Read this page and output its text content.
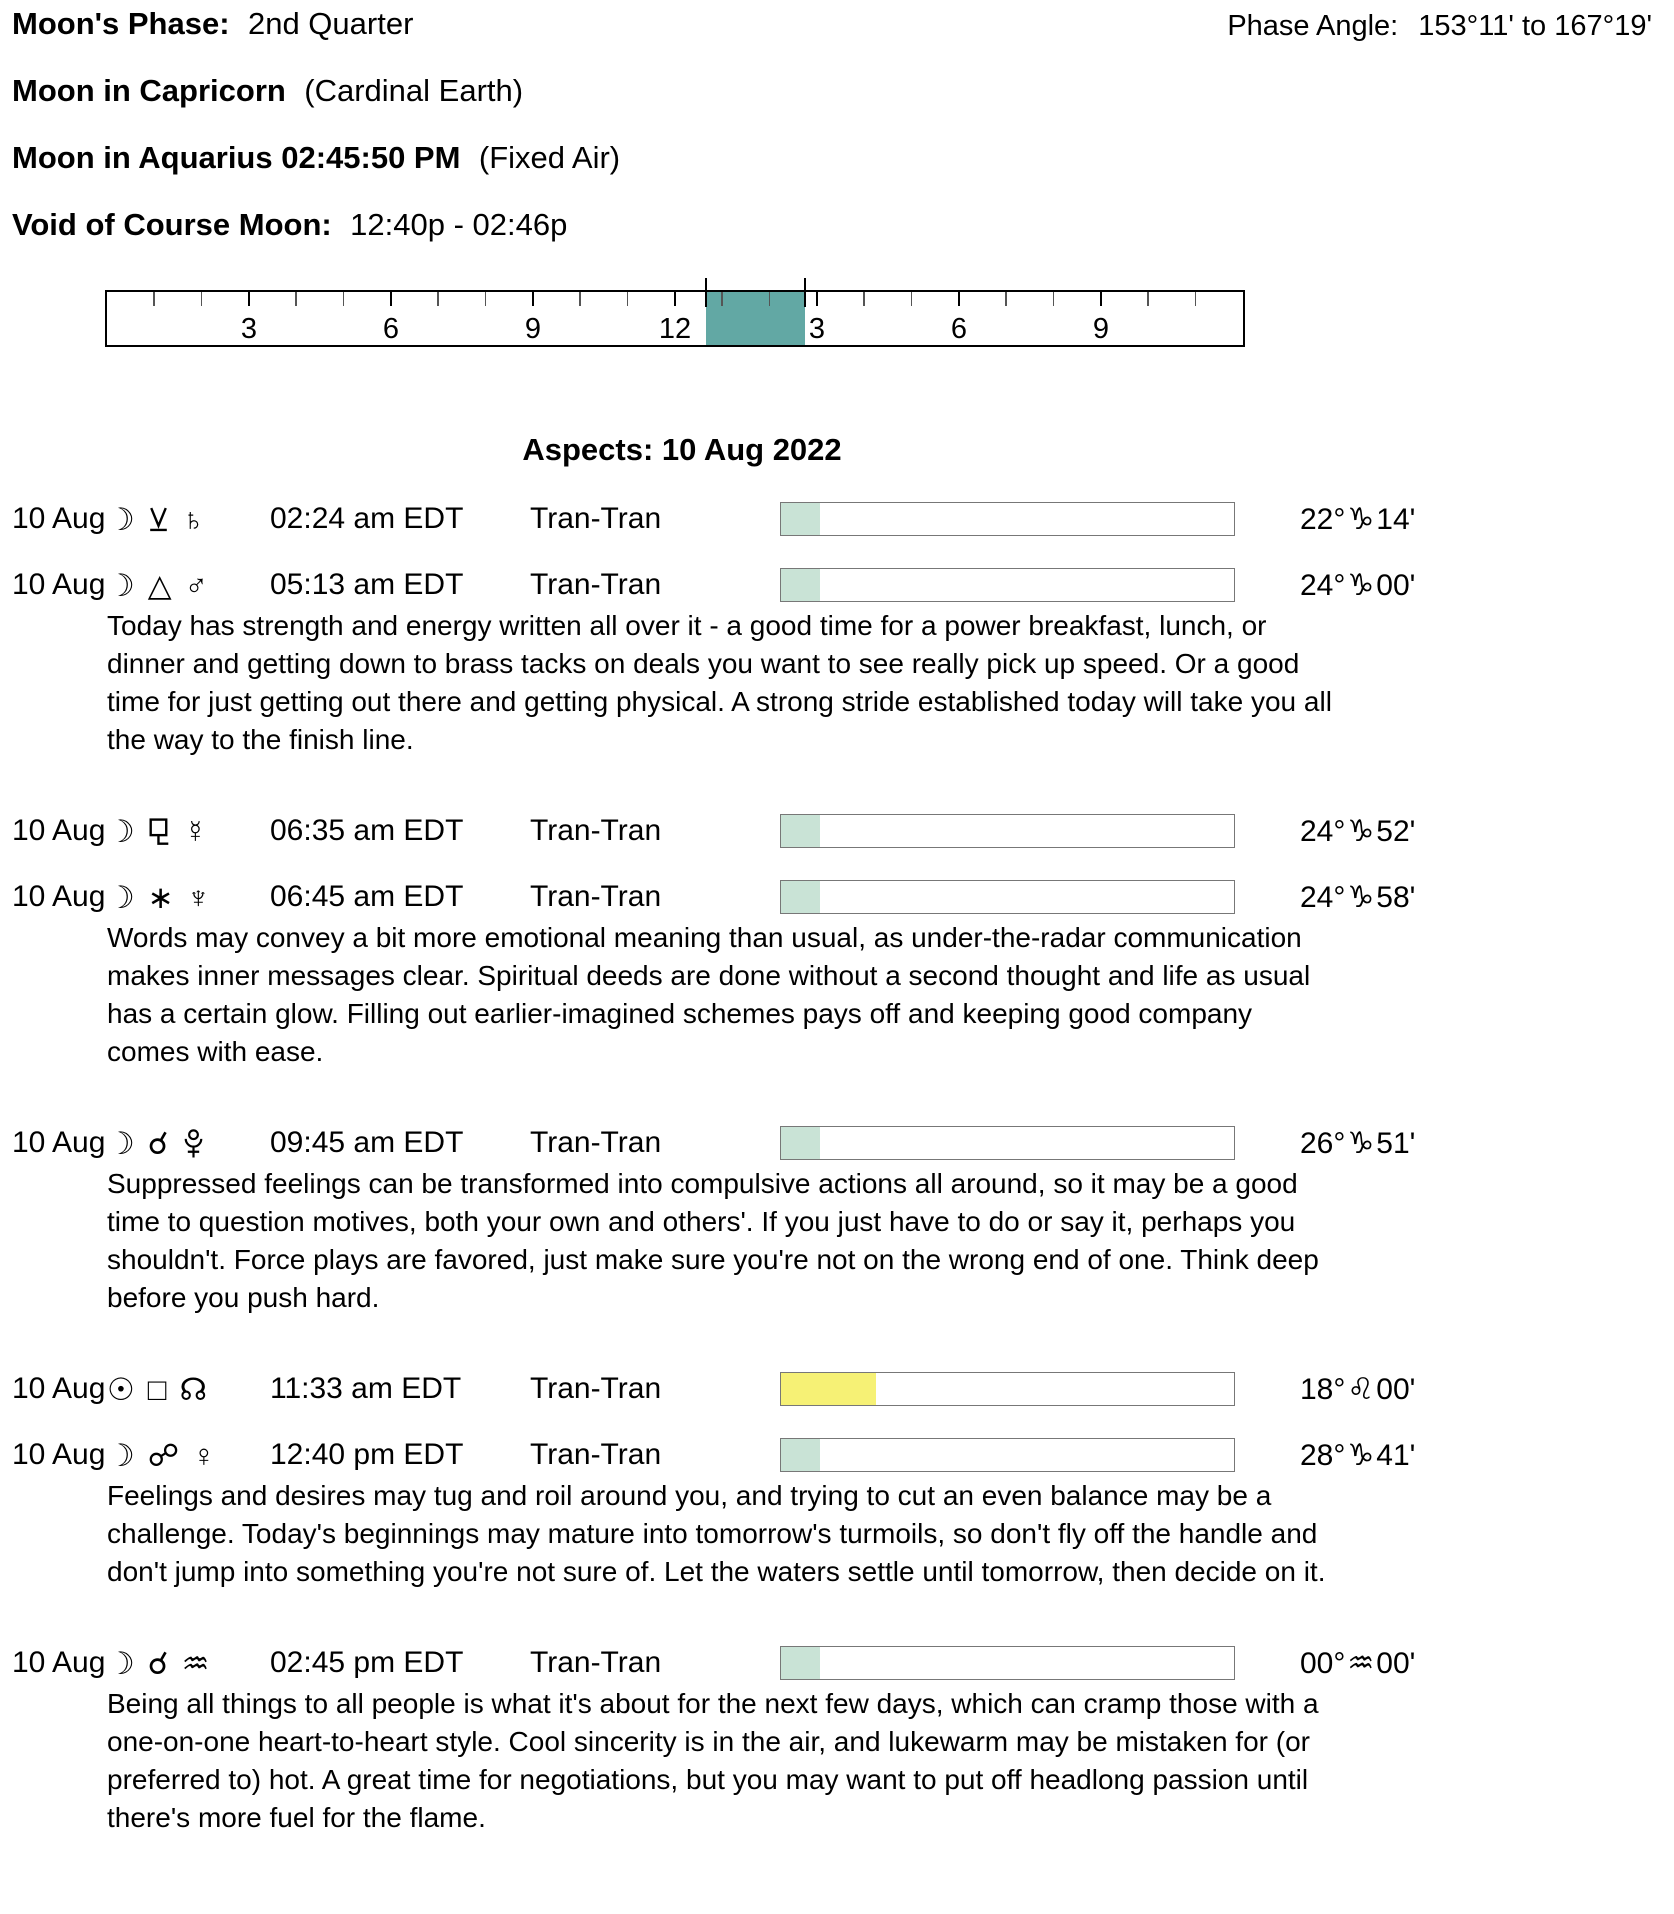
Moon's Phase: 2nd Quarter	Phase Angle: 153°11' to 167°19'
Moon in Capricorn (Cardinal Earth)
Moon in Aquarius 02:45:50 PM (Fixed Air)
Void of Course Moon: 12:40p - 02:46p
3	6	9	12	3	6	9
Aspects: 10 Aug 2022
10 Aug ☽ ♄ 02:24 am EDT	Tran-Tran	22°♑14'
10 Aug ☽ △ ♂ 05:13 am EDT	Tran-Tran	24°♑00'
Today has strength and energy written all over it - a good time for a power breakfast, lunch, or dinner and getting down to brass tacks on deals you want to see really pick up speed. Or a good time for just getting out there and getting physical. A strong stride established today will take you all the way to the finish line.
10 Aug ☽ ☿ 06:35 am EDT	Tran-Tran	24°♑52'
10 Aug ☽ ∗ ♆ 06:45 am EDT	Tran-Tran	24°♑58'
Words may convey a bit more emotional meaning than usual, as under-the-radar communication makes inner messages clear. Spiritual deeds are done without a second thought and life as usual has a certain glow. Filling out earlier-imagined schemes pays off and keeping good company comes with ease.
10 Aug ☽ ☌	09:45 am EDT	Tran-Tran	26°♑51'
Suppressed feelings can be transformed into compulsive actions all around, so it may be a good time to question motives, both your own and others'. If you just have to do or say it, perhaps you shouldn't. Force plays are favored, just make sure you're not on the wrong end of one. Think deep before you push hard.
10 Aug ☉ □ ☊ 11:33 am EDT	Tran-Tran	18°♌00'
10 Aug ☽ ☍ ♀ 12:40 pm EDT	Tran-Tran	28°♑41'
Feelings and desires may tug and roil around you, and trying to cut an even balance may be a challenge. Today's beginnings may mature into tomorrow's turmoils, so don't fly off the handle and don't jump into something you're not sure of. Let the waters settle until tomorrow, then decide on it.
10 Aug ☽ ☌ ♒ 02:45 pm EDT	Tran-Tran	00°♒00'
Being all things to all people is what it's about for the next few days, which can cramp those with a one-on-one heart-to-heart style. Cool sincerity is in the air, and lukewarm may be mistaken for (or preferred to) hot. A great time for negotiations, but you may want to put off headlong passion until there's more fuel for the flame.
